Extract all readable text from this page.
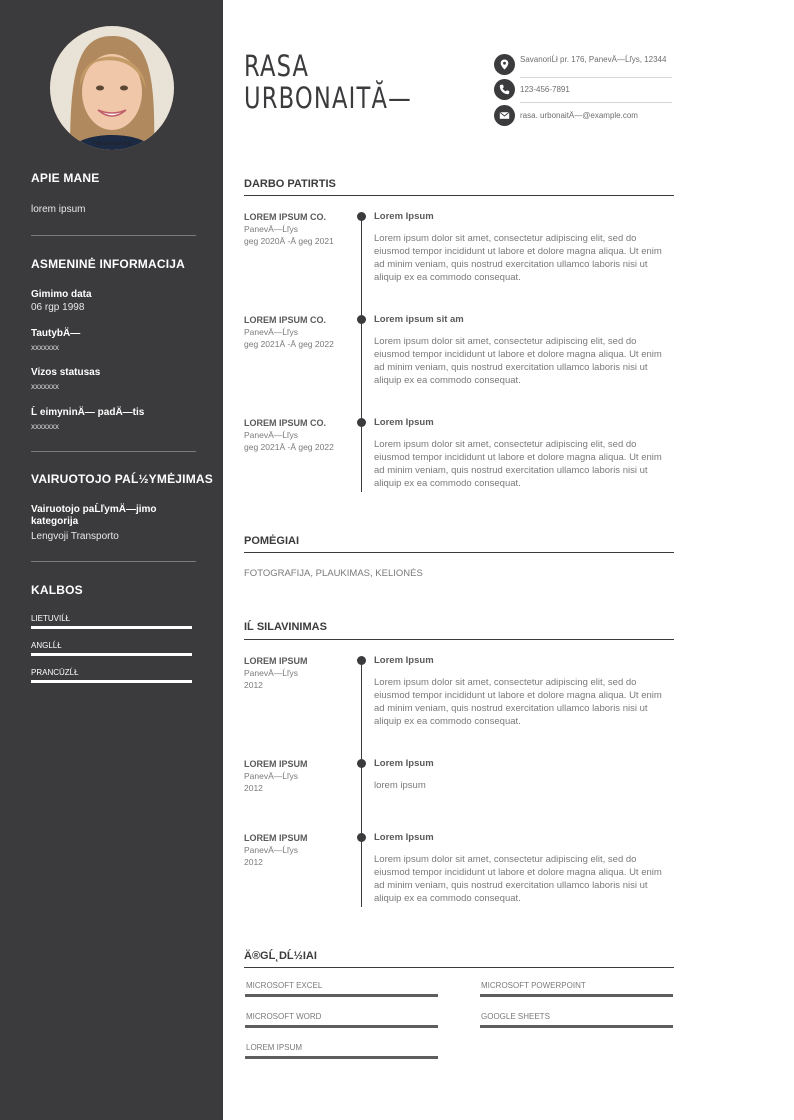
Foto-pieruss-dow
APIE MANE
lorem ipsum
ASMENINĖ INFORMACIJA
Gimimo data
06 rgp 1998
TautybÄ—
xxxxxxx
Vizos statusas
xxxxxxx
Ĺ eimyninÄ— padÄ—tis
xxxxxxx
VAIRUOTOJO PAĹ½YMĖJIMAS
Vairuotojo paĹľymÄ—jimo kategorija
Lengvoji Transporto
KALBOS
LIETUVIĹŁ
ANGLĹŁ
PRANCŪZĹŁ
RASA
URBONAITĂ—
SavanoriĹł pr. 176, PanevÄ—Ĺľys, 12344
123-456-7891
rasa. urbonaitÄ—@example.com
DARBO PATIRTIS
LOREM IPSUM CO.
PanevÄ—Ĺľys
geg 2020Ā -Ā geg 2021
Lorem Ipsum
Lorem ipsum dolor sit amet, consectetur adipiscing elit, sed do eiusmod tempor incididunt ut labore et dolore magna aliqua. Ut enim ad minim veniam, quis nostrud exercitation ullamco laboris nisi ut aliquip ex ea commodo consequat.
LOREM IPSUM CO.
PanevÄ—Ĺľys
geg 2021Ā -Ā geg 2022
Lorem ipsum sit am
Lorem ipsum dolor sit amet, consectetur adipiscing elit, sed do eiusmod tempor incididunt ut labore et dolore magna aliqua. Ut enim ad minim veniam, quis nostrud exercitation ullamco laboris nisi ut aliquip ex ea commodo consequat.
LOREM IPSUM CO.
PanevÄ—Ĺľys
geg 2021Ā -Ā geg 2022
Lorem Ipsum
Lorem ipsum dolor sit amet, consectetur adipiscing elit, sed do eiusmod tempor incididunt ut labore et dolore magna aliqua. Ut enim ad minim veniam, quis nostrud exercitation ullamco laboris nisi ut aliquip ex ea commodo consequat.
POMĖGIAI
FOTOGRAFIJA, PLAUKIMAS, KELIONĖS
IĹ SILAVINIMAS
LOREM IPSUM
PanevÄ—Ĺľys
2012
Lorem Ipsum
Lorem ipsum dolor sit amet, consectetur adipiscing elit, sed do eiusmod tempor incididunt ut labore et dolore magna aliqua. Ut enim ad minim veniam, quis nostrud exercitation ullamco laboris nisi ut aliquip ex ea commodo consequat.
LOREM IPSUM
PanevÄ—Ĺľys
2012
Lorem Ipsum
lorem ipsum
LOREM IPSUM
PanevÄ—Ĺľys
2012
Lorem Ipsum
Lorem ipsum dolor sit amet, consectetur adipiscing elit, sed do eiusmod tempor incididunt ut labore et dolore magna aliqua. Ut enim ad minim veniam, quis nostrud exercitation ullamco laboris nisi ut aliquip ex ea commodo consequat.
Ä®GĹ˛DĹ½IAI
MICROSOFT EXCEL	MICROSOFT POWERPOINT
MICROSOFT WORD	GOOGLE SHEETS
LOREM IPSUM
